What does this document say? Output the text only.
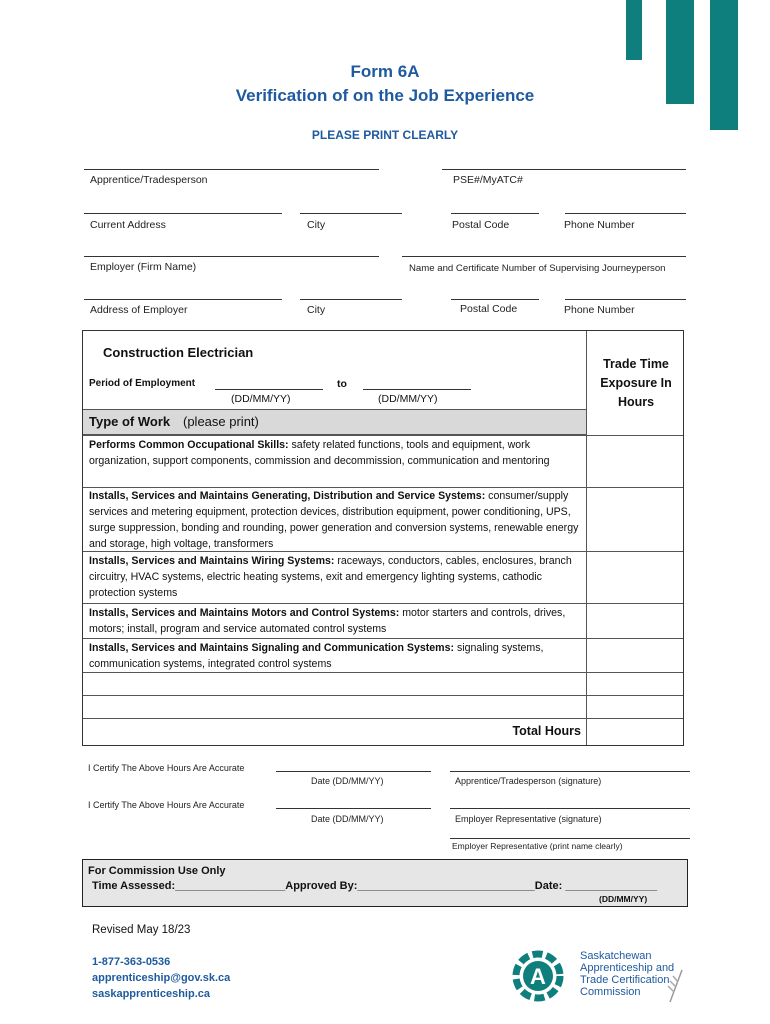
Form 6A
Verification of on the Job Experience
PLEASE PRINT CLEARLY
Apprentice/Tradesperson	PSE#/MyATC#
Current Address	City	Postal Code	Phone Number
Employer (Firm Name)	Name and Certificate Number of Supervising Journeyperson
Address of Employer	City	Postal Code	Phone Number
Construction Electrician
Trade Time Exposure In Hours
Period of Employment	to
(DD/MM/YY)	(DD/MM/YY)
Type of Work (please print)
Performs Common Occupational Skills: safety related functions, tools and equipment, work organization, support components, commission and decommission, communication and mentoring
Installs, Services and Maintains Generating, Distribution and Service Systems: consumer/supply services and metering equipment, protection devices, distribution equipment, power conditioning, UPS, surge suppression, bonding and rounding, power generation and conversion systems, renewable energy and storage, high voltage, transformers
Installs, Services and Maintains Wiring Systems: raceways, conductors, cables, enclosures, branch circuitry, HVAC systems, electric heating systems, exit and emergency lighting systems, cathodic protection systems
Installs, Services and Maintains Motors and Control Systems: motor starters and controls, drives, motors; install, program and service automated control systems
Installs, Services and Maintains Signaling and Communication Systems: signaling systems, communication systems, integrated control systems
Total Hours
I Certify The Above Hours Are Accurate
Date (DD/MM/YY)	Apprentice/Tradesperson (signature)
I Certify The Above Hours Are Accurate
Date (DD/MM/YY)	Employer Representative (signature)
Employer Representative (print name clearly)
For Commission Use Only
Time Assessed:__________________Approved By:_____________________________Date: _______________
(DD/MM/YY)
Revised May 18/23
1-877-363-0536
apprenticeship@gov.sk.ca
saskapprenticeship.ca
A
Saskatchewan
Apprenticeship and
Trade Certification
Commission
